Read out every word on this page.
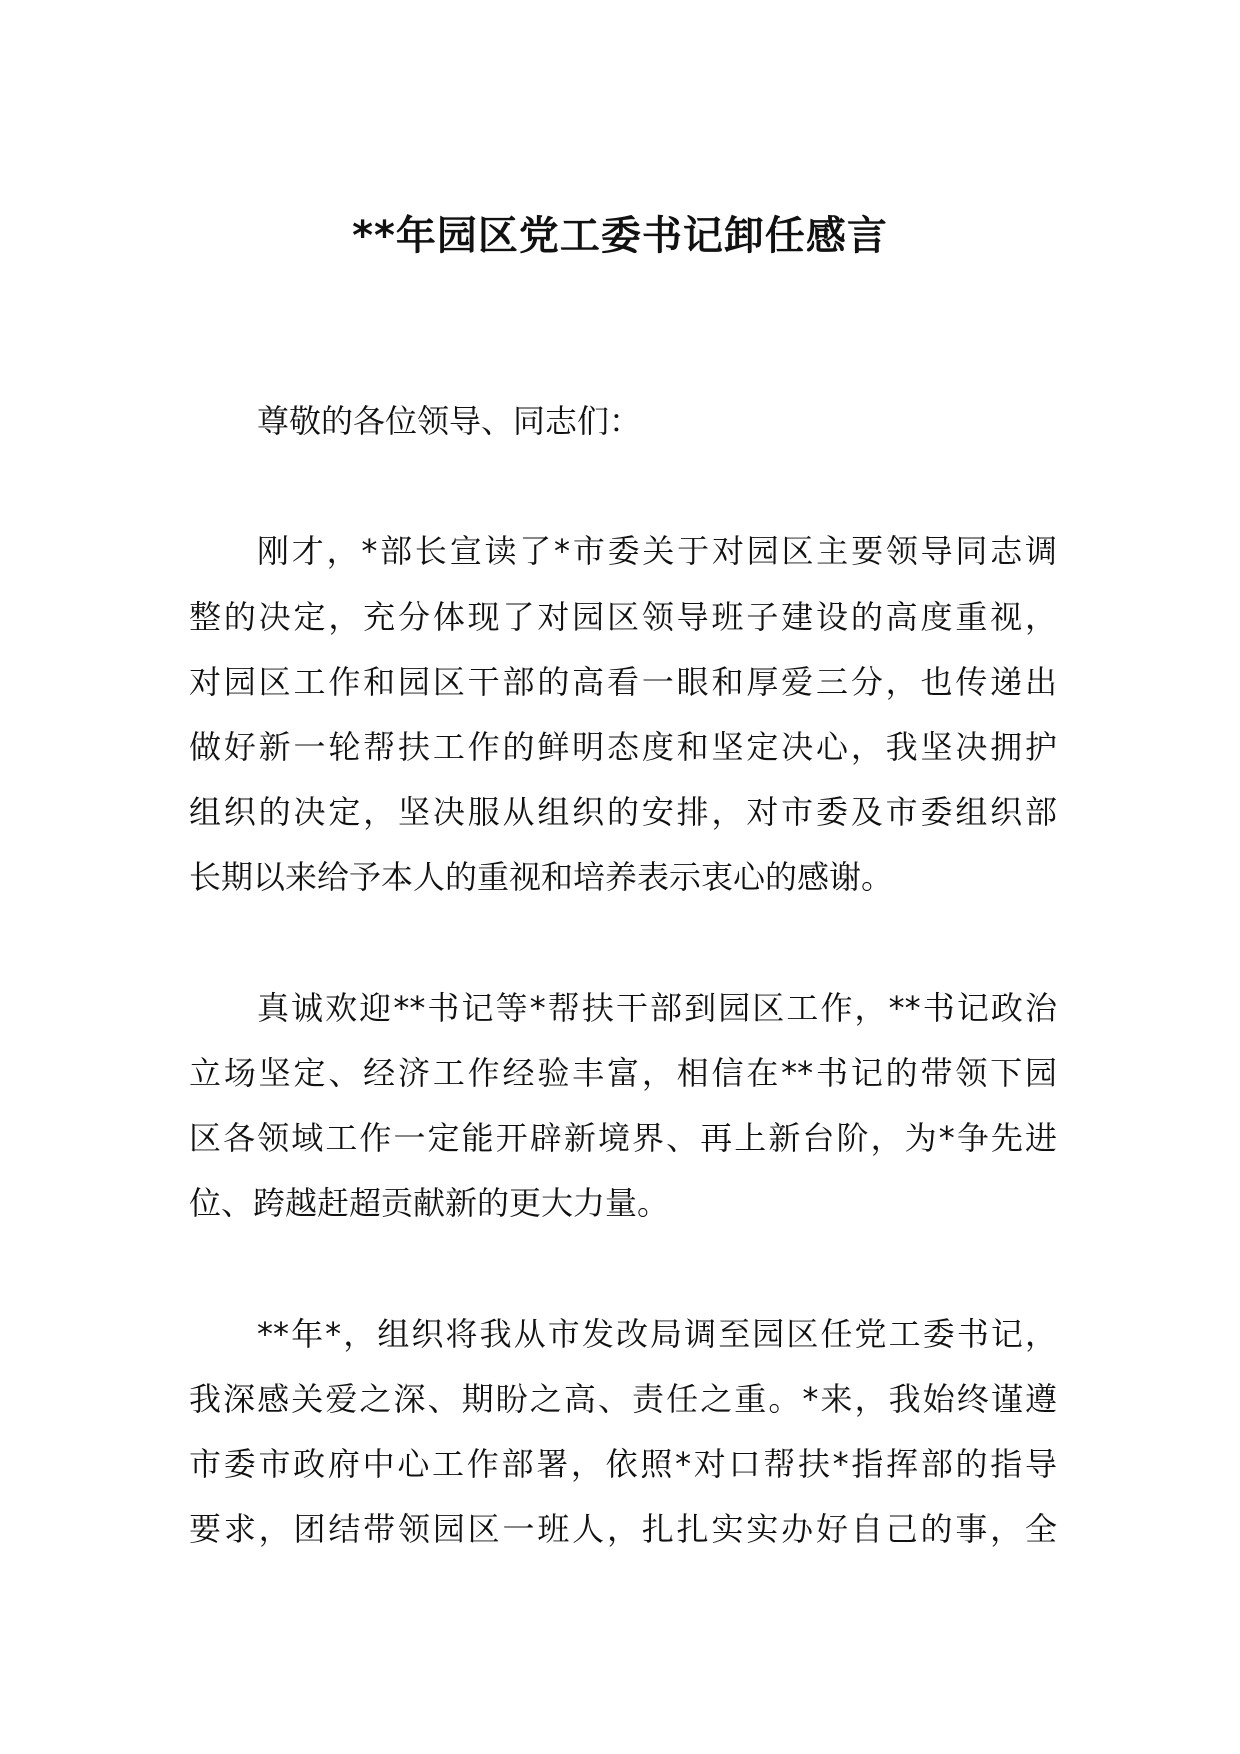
**年园区党工委书记卸任感言
尊敬的各位领导、同志们：
刚才，*部长宣读了*市委关于对园区主要领导同志调
整的决定，充分体现了对园区领导班子建设的高度重视，
对园区工作和园区干部的高看一眼和厚爱三分，也传递出
做好新一轮帮扶工作的鲜明态度和坚定决心，我坚决拥护
组织的决定，坚决服从组织的安排，对市委及市委组织部
长期以来给予本人的重视和培养表示衷心的感谢。
真诚欢迎**书记等*帮扶干部到园区工作，**书记政治
立场坚定、经济工作经验丰富，相信在**书记的带领下园
区各领域工作一定能开辟新境界、再上新台阶，为*争先进
位、跨越赶超贡献新的更大力量。
**年*，组织将我从市发改局调至园区任党工委书记，
我深感关爱之深、期盼之高、责任之重。*来，我始终谨遵
市委市政府中心工作部署，依照*对口帮扶*指挥部的指导
要求，团结带领园区一班人，扎扎实实办好自己的事，全
